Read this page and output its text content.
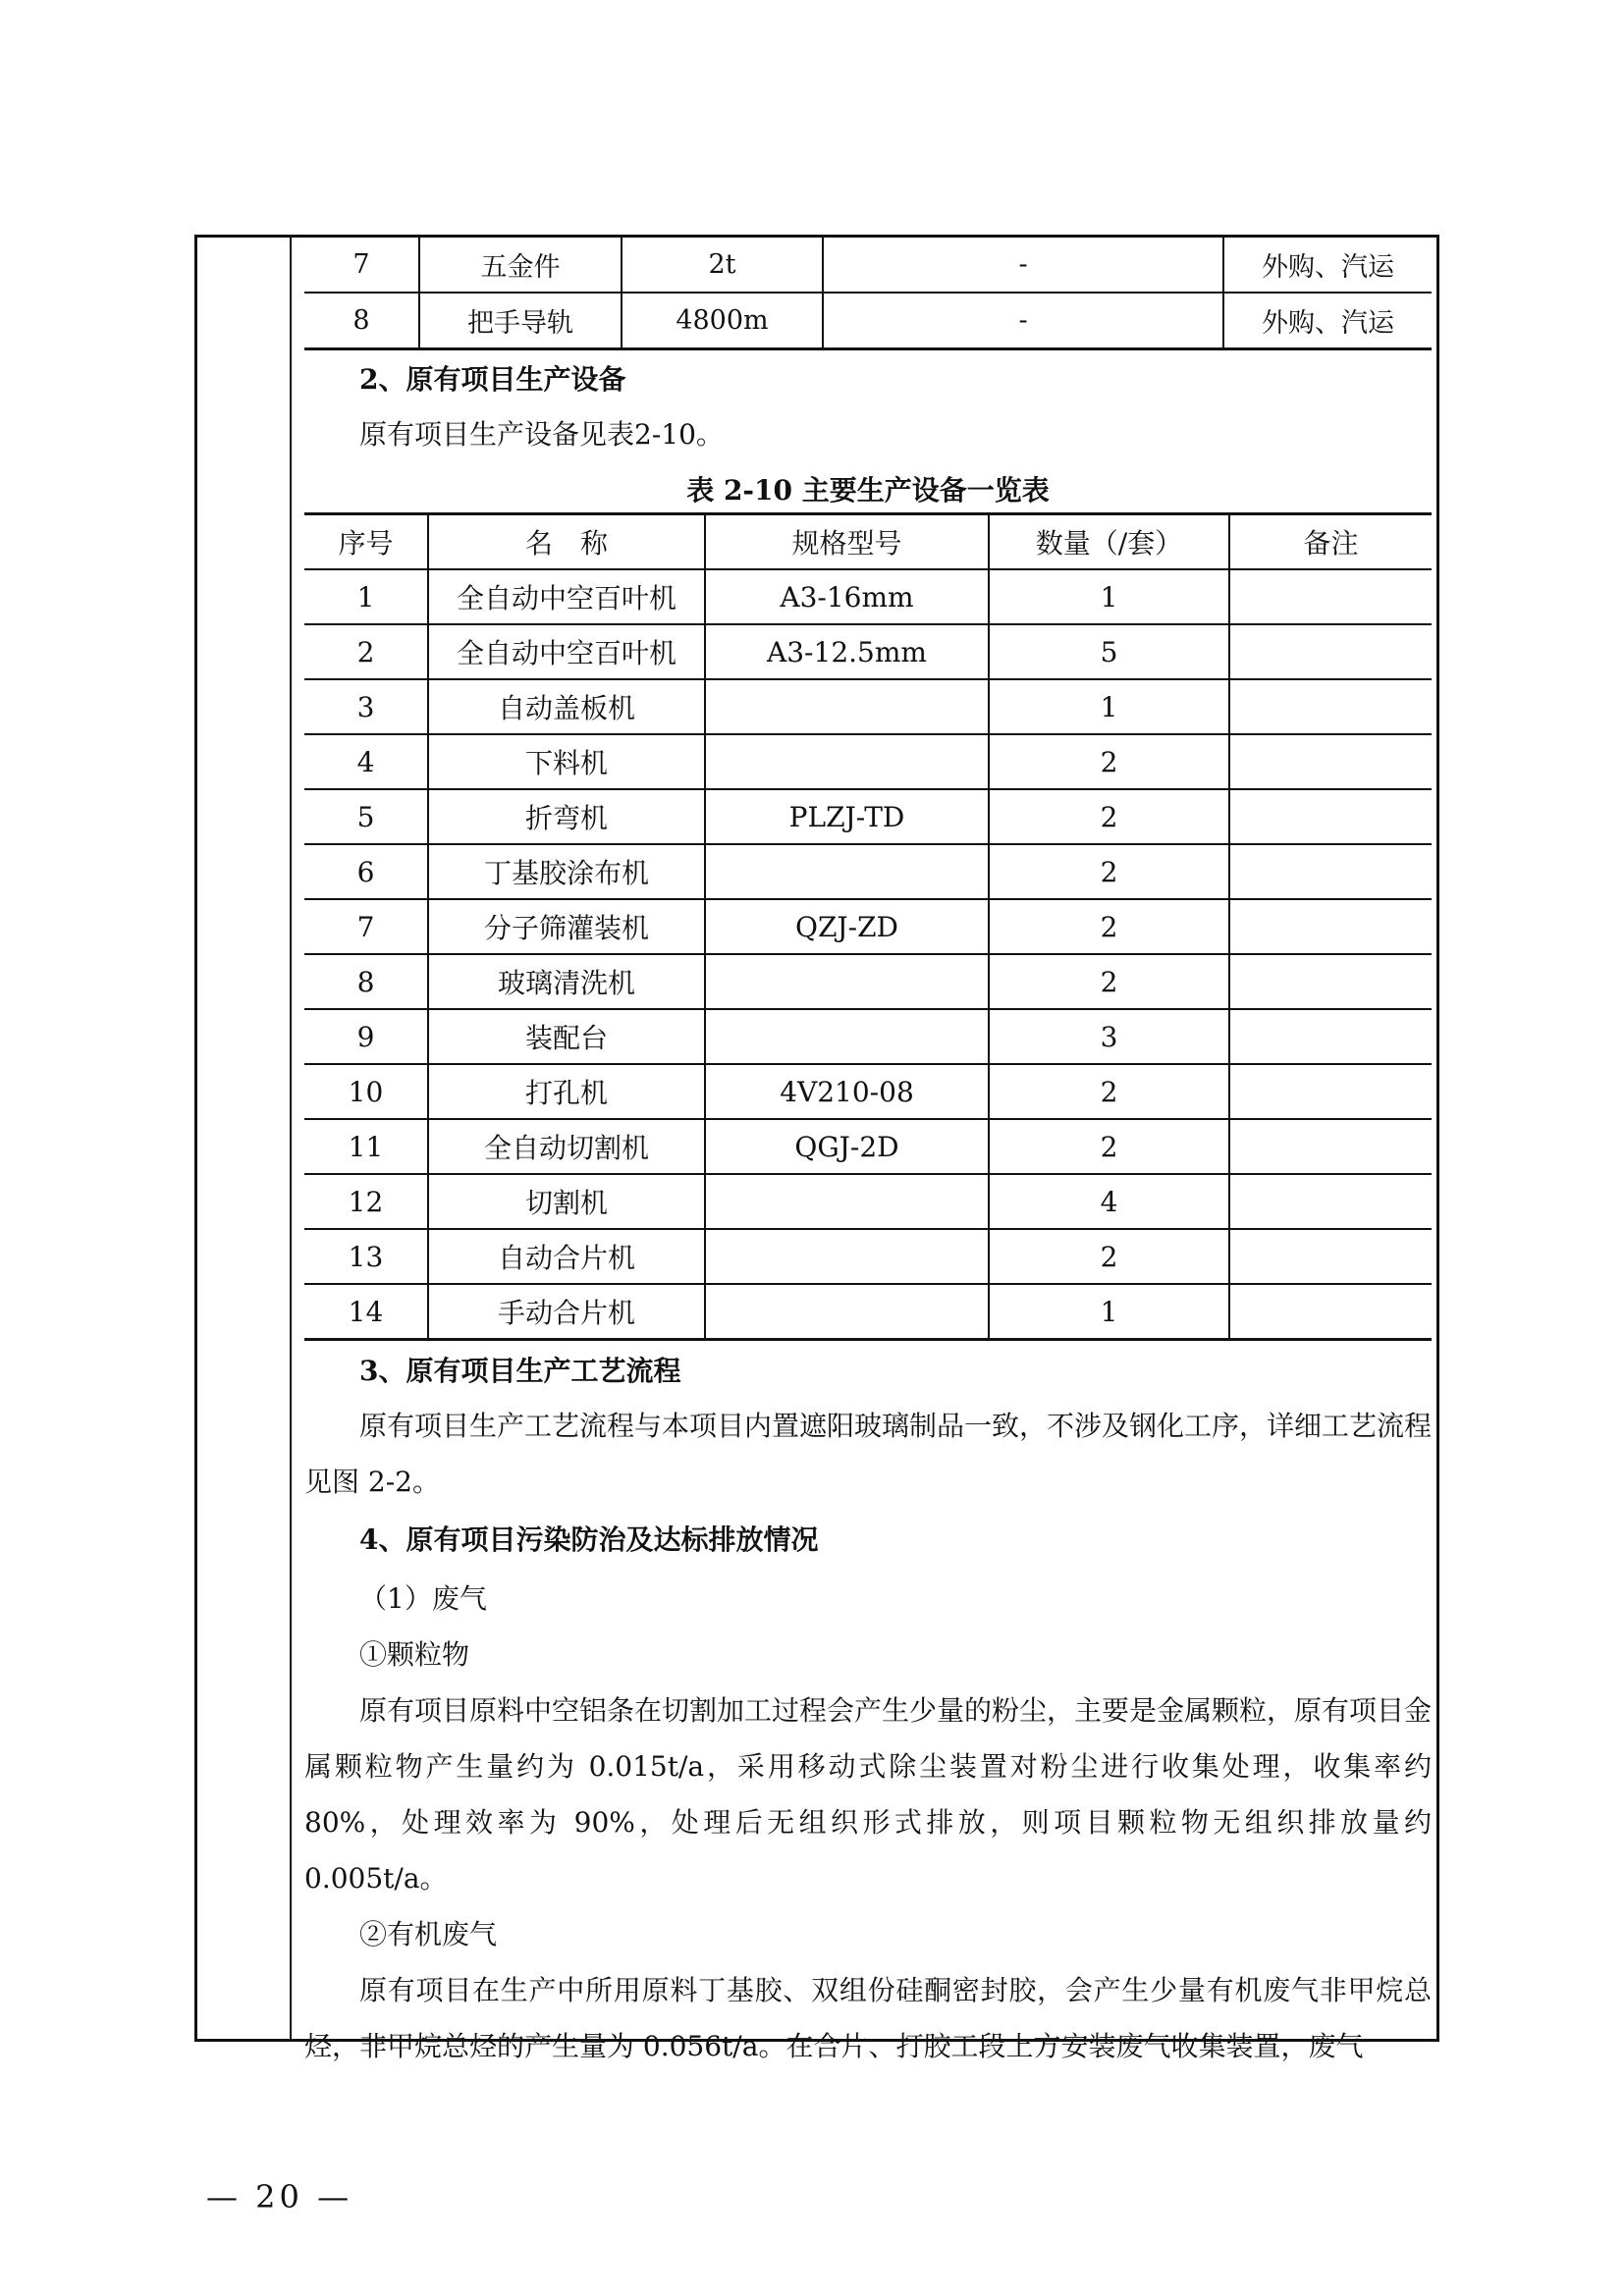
7	五金件	2t	-	外购、汽运
8	把手导轨	4800m	-	外购、汽运

2、原有项目生产设备

原有项目生产设备见表2-10。

表 2-10 主要生产设备一览表
序号	名　称	规格型号	数量（/套）	备注
1	全自动中空百叶机	A3-16mm	1	
2	全自动中空百叶机	A3-12.5mm	5	
3	自动盖板机		1	
4	下料机		2	
5	折弯机	PLZJ-TD	2	
6	丁基胶涂布机		2	
7	分子筛灌装机	QZJ-ZD	2	
8	玻璃清洗机		2	
9	装配台		3	
10	打孔机	4V210-08	2	
11	全自动切割机	QGJ-2D	2	
12	切割机		4	
13	自动合片机		2	
14	手动合片机		1	

3、原有项目生产工艺流程

原有项目生产工艺流程与本项目内置遮阳玻璃制品一致，不涉及钢化工序，详细工艺流程见图 2-2。

4、原有项目污染防治及达标排放情况

（1）废气

①颗粒物

原有项目原料中空铝条在切割加工过程会产生少量的粉尘，主要是金属颗粒，原有项目金属颗粒物产生量约为 0.015t/a，采用移动式除尘装置对粉尘进行收集处理，收集率约 80%，处理效率为 90%，处理后无组织形式排放，则项目颗粒物无组织排放量约 0.005t/a。

②有机废气

原有项目在生产中所用原料丁基胶、双组份硅酮密封胶，会产生少量有机废气非甲烷总烃，非甲烷总烃的产生量为 0.056t/a。在合片、打胶工段上方安装废气收集装置，废气

— 20 —
